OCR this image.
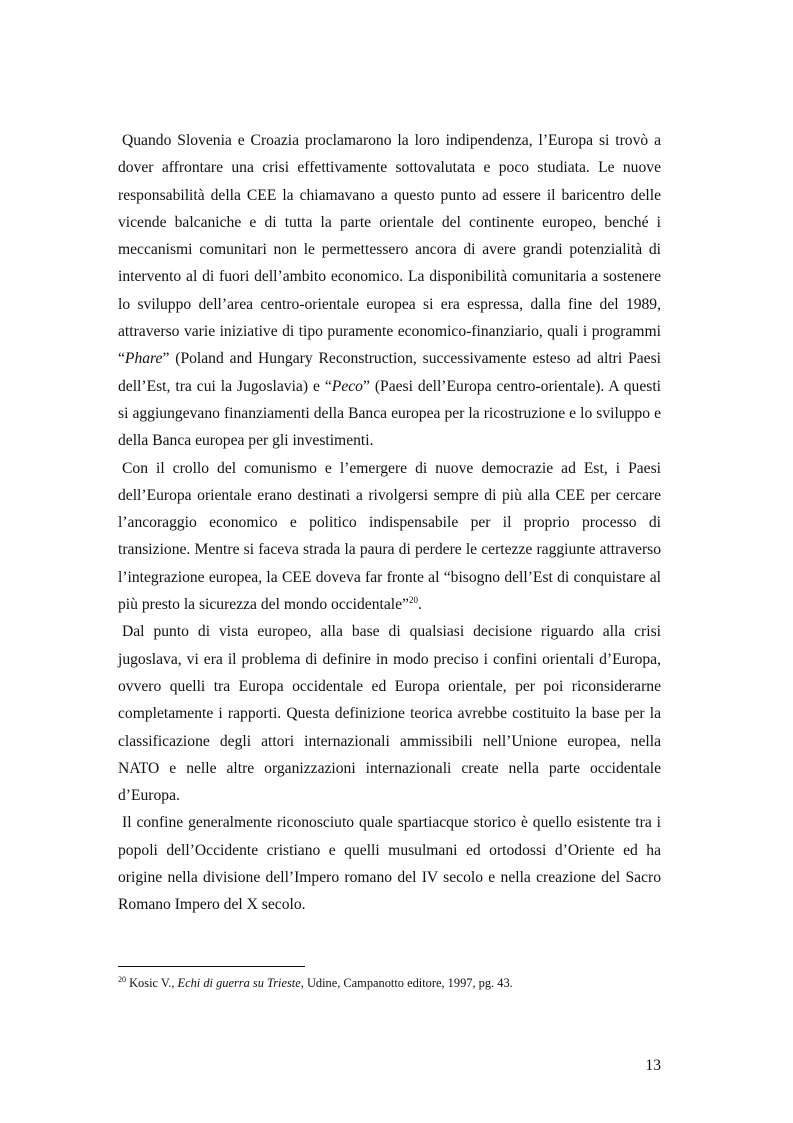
Quando Slovenia e Croazia proclamarono la loro indipendenza, l’Europa si trovò a dover affrontare una crisi effettivamente sottovalutata e poco studiata. Le nuove responsabilità della CEE la chiamavano a questo punto ad essere il baricentro delle vicende balcaniche e di tutta la parte orientale del continente europeo, benché i meccanismi comunitari non le permettessero ancora di avere grandi potenzialità di intervento al di fuori dell’ambito economico. La disponibilità comunitaria a sostenere lo sviluppo dell’area centro-orientale europea si era espressa, dalla fine del 1989, attraverso varie iniziative di tipo puramente economico-finanziario, quali i programmi “Phare” (Poland and Hungary Reconstruction, successivamente esteso ad altri Paesi dell’Est, tra cui la Jugoslavia) e “Peco” (Paesi dell’Europa centro-orientale). A questi si aggiungevano finanziamenti della Banca europea per la ricostruzione e lo sviluppo e della Banca europea per gli investimenti.

Con il crollo del comunismo e l’emergere di nuove democrazie ad Est, i Paesi dell’Europa orientale erano destinati a rivolgersi sempre di più alla CEE per cercare l’ancoraggio economico e politico indispensabile per il proprio processo di transizione. Mentre si faceva strada la paura di perdere le certezze raggiunte attraverso l’integrazione europea, la CEE doveva far fronte al “bisogno dell’Est di conquistare al più presto la sicurezza del mondo occidentale”$^{20}$.

Dal punto di vista europeo, alla base di qualsiasi decisione riguardo alla crisi jugoslava, vi era il problema di definire in modo preciso i confini orientali d’Europa, ovvero quelli tra Europa occidentale ed Europa orientale, per poi riconsiderarne completamente i rapporti. Questa definizione teorica avrebbe costituito la base per la classificazione degli attori internazionali ammissibili nell’Unione europea, nella NATO e nelle altre organizzazioni internazionali create nella parte occidentale d’Europa.

Il confine generalmente riconosciuto quale spartiacque storico è quello esistente tra i popoli dell’Occidente cristiano e quelli musulmani ed ortodossi d’Oriente ed ha origine nella divisione dell’Impero romano del IV secolo e nella creazione del Sacro Romano Impero del X secolo.

$^{20}$ Kosic V., Echi di guerra su Trieste, Udine, Campanotto editore, 1997, pg. 43.
13
